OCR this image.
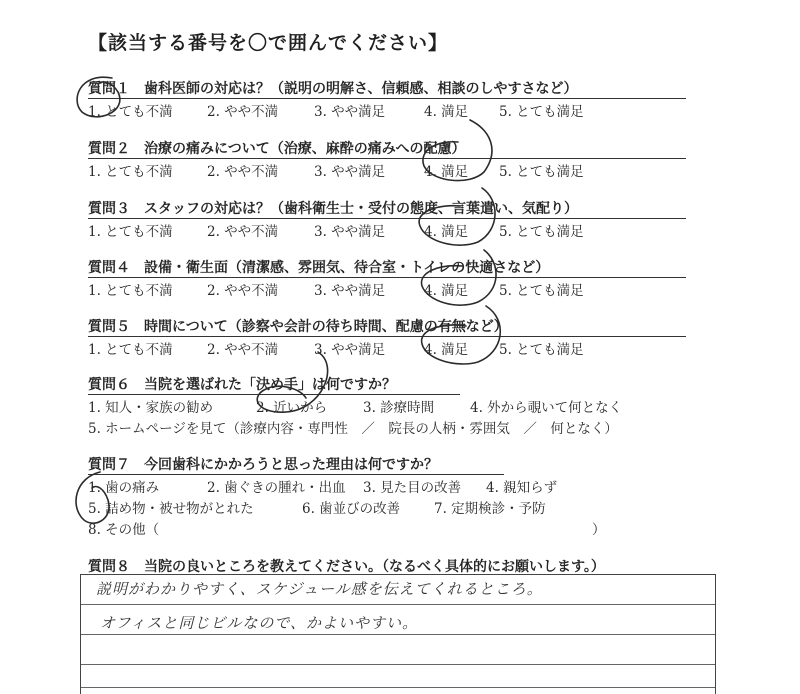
【該当する番号を〇で囲んでください】
質問１　歯科医師の対応は？（説明の明解さ、信頼感、相談のしやすさなど）
1. とても不満	2. やや不満	3. やや満足	4. 満足 5. とても満足
質問２　治療の痛みについて（治療、麻酔の痛みへの配慮）
1. とても不満	2. やや不満	3. やや満足	4. 満足 5. とても満足
質問３　スタッフの対応は？（歯科衛生士・受付の態度、言葉遣い、気配り）
1. とても不満	2. やや不満	3. やや満足	4. 満足 5. とても満足
質問４　設備・衛生面（清潔感、雰囲気、待合室・トイレの快適さなど）
1. とても不満	2. やや不満	3. やや満足	4. 満足 5. とても満足
質問５　時間について（診察や会計の待ち時間、配慮の有無など）
1. とても不満	2. やや不満	3. やや満足	4. 満足 5. とても満足
質問６　当院を選ばれた「決め手」は何ですか？
1. 知人・家族の勧め	2. 近いから	3. 診療時間	4. 外から覗いて何となく
5. ホームページを見て（診療内容・専門性　／　院長の人柄・雰囲気　／　何となく）
質問７　今回歯科にかかろうと思った理由は何ですか？
1. 歯の痛み	2. 歯ぐきの腫れ・出血 3. 見た目の改善 4. 親知らず
5. 詰め物・被せ物がとれた	6. 歯並びの改善	7. 定期検診・予防
8. その他（	）
質問８　当院の良いところを教えてください。（なるべく具体的にお願いします。）
説明がわかりやすく、スケジュール感を伝えてくれるところ。
オフィスと同じビルなので、かよいやすい。
